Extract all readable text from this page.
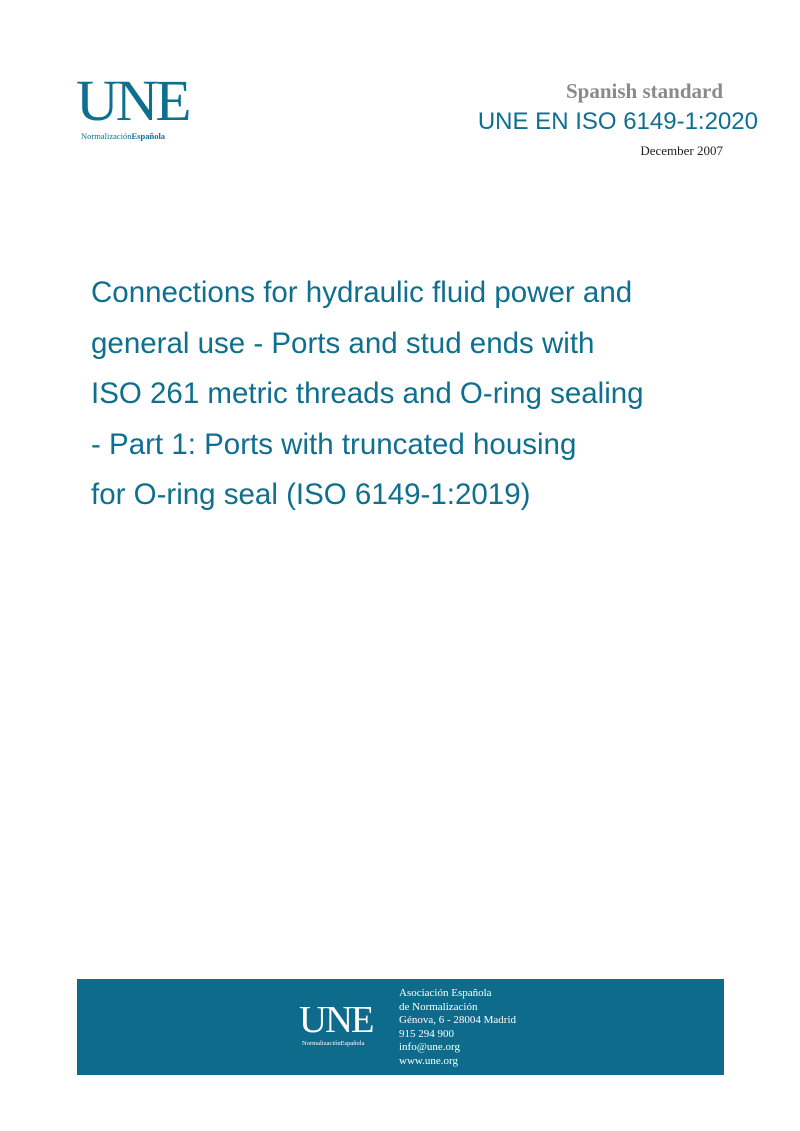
UNE
NormalizaciónEspañola
Spanish standard
UNE EN ISO 6149-1:2020
December 2007
Connections for hydraulic fluid power and
general use - Ports and stud ends with
ISO 261 metric threads and O-ring sealing
- Part 1: Ports with truncated housing
for O-ring seal (ISO 6149-1:2019)
UNE
NormalizaciónEspañola
Asociación Española
de Normalización
Génova, 6 - 28004 Madrid
915 294 900
info@une.org
www.une.org
